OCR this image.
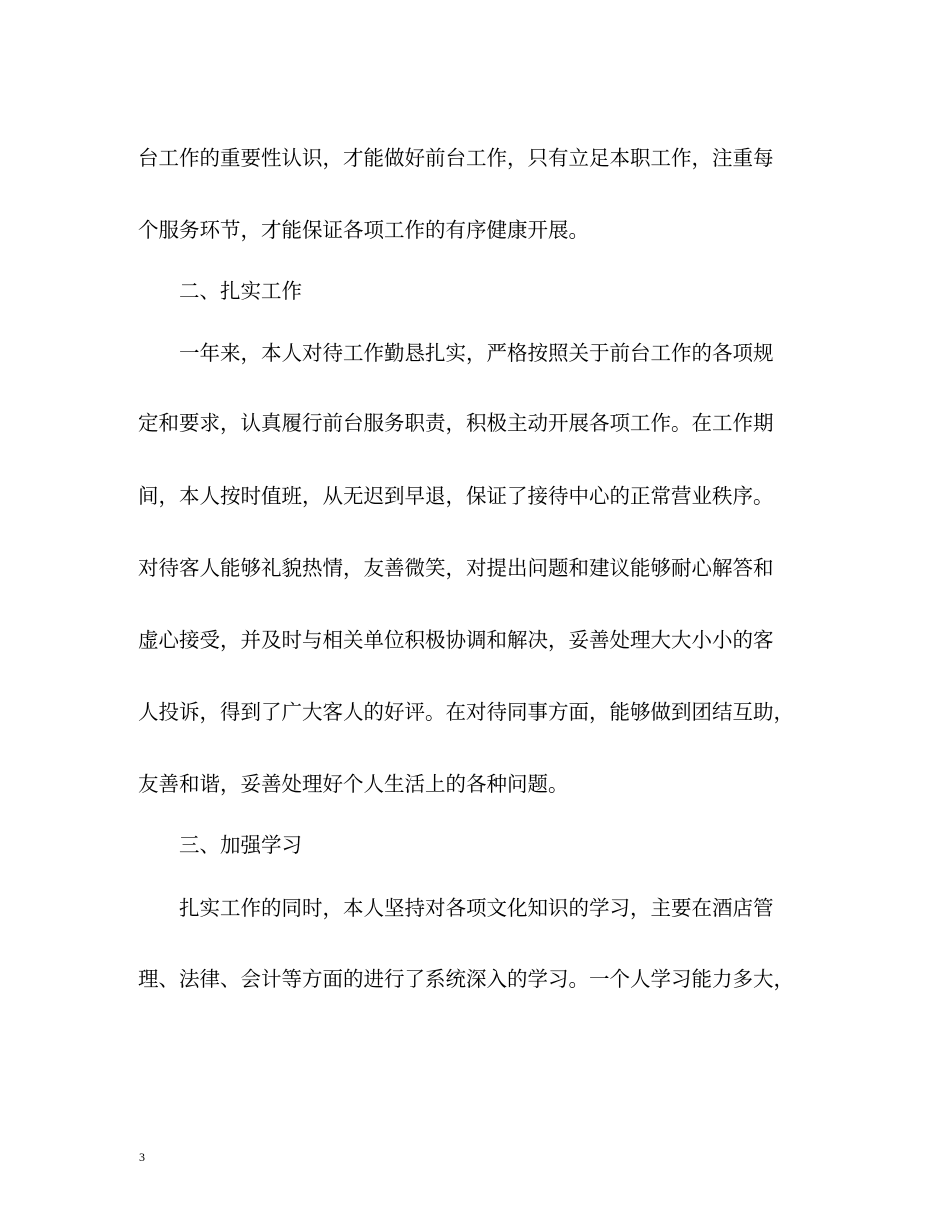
台工作的重要性认识，才能做好前台工作，只有立足本职工作，注重每
个服务环节，才能保证各项工作的有序健康开展。
　　二、扎实工作
　　一年来，本人对待工作勤恳扎实，严格按照关于前台工作的各项规
定和要求，认真履行前台服务职责，积极主动开展各项工作。在工作期
间，本人按时值班，从无迟到早退，保证了接待中心的正常营业秩序。
对待客人能够礼貌热情，友善微笑，对提出问题和建议能够耐心解答和
虚心接受，并及时与相关单位积极协调和解决，妥善处理大大小小的客
人投诉，得到了广大客人的好评。在对待同事方面，能够做到团结互助，
友善和谐，妥善处理好个人生活上的各种问题。
　　三、加强学习
　　扎实工作的同时，本人坚持对各项文化知识的学习，主要在酒店管
理、法律、会计等方面的进行了系统深入的学习。一个人学习能力多大，
3
